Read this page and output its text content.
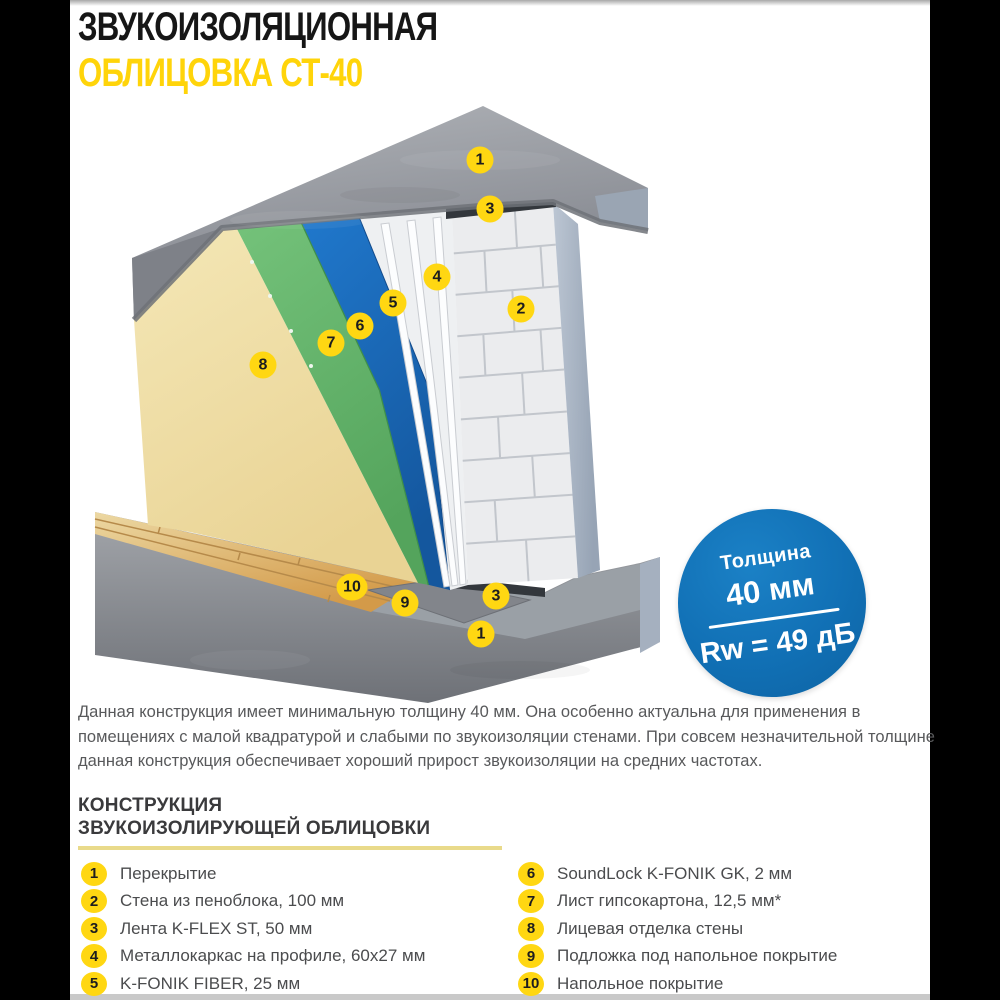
ЗВУКОИЗОЛЯЦИОННАЯ
ОБЛИЦОВКА СТ-40
1
3
4
5	2
6
7
8
10
9	3
1
Толщина
40 мм
Rw = 49 дБ
Данная конструкция имеет минимальную толщину 40 мм. Она особенно актуальна для применения в помещениях с малой квадратурой и слабыми по звукоизоляции стенами. При совсем незначительной толщине данная конструкция обеспечивает хороший прирост звукоизоляции на средних частотах.
КОНСТРУКЦИЯ
ЗВУКОИЗОЛИРУЮЩЕЙ ОБЛИЦОВКИ
1	Перекрытие
2	Стена из пеноблока, 100 мм
3	Лента K-FLEX ST, 50 мм
4	Металлокаркас на профиле, 60х27 мм
5	K-FONIK FIBER, 25 мм
6	SoundLock K-FONIK GK, 2 мм
7	Лист гипсокартона, 12,5 мм*
8	Лицевая отделка стены
9	Подложка под напольное покрытие
10 Напольное покрытие
